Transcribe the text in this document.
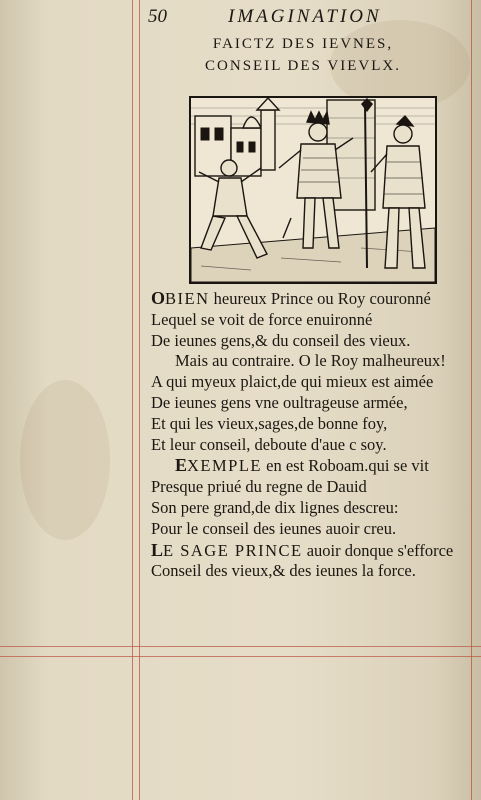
50	IMAGINATION
FAICTZ DES IEVNES,
CONSEIL DES VIEVLX.
OBIEN heureux Prince ou Roy couronné
Lequel se voit de force enuironné
De ieunes gens,& du conseil des vieux.
Mais au contraire. O le Roy malheureux!
A qui myeux plaict,de qui mieux est aimée
De ieunes gens vne oultrageuse armée,
Et qui les vieux,sages,de bonne foy,
Et leur conseil, deboute d'aue c soy.
EXEMPLE en est Roboam.qui se vit
Presque priué du regne de Dauid
Son pere grand,de dix lignes descreu:
Pour le conseil des ieunes auoir creu.
LE SAGE PRINCE auoir donque s'efforce
Conseil des vieux,& des ieunes la force.
